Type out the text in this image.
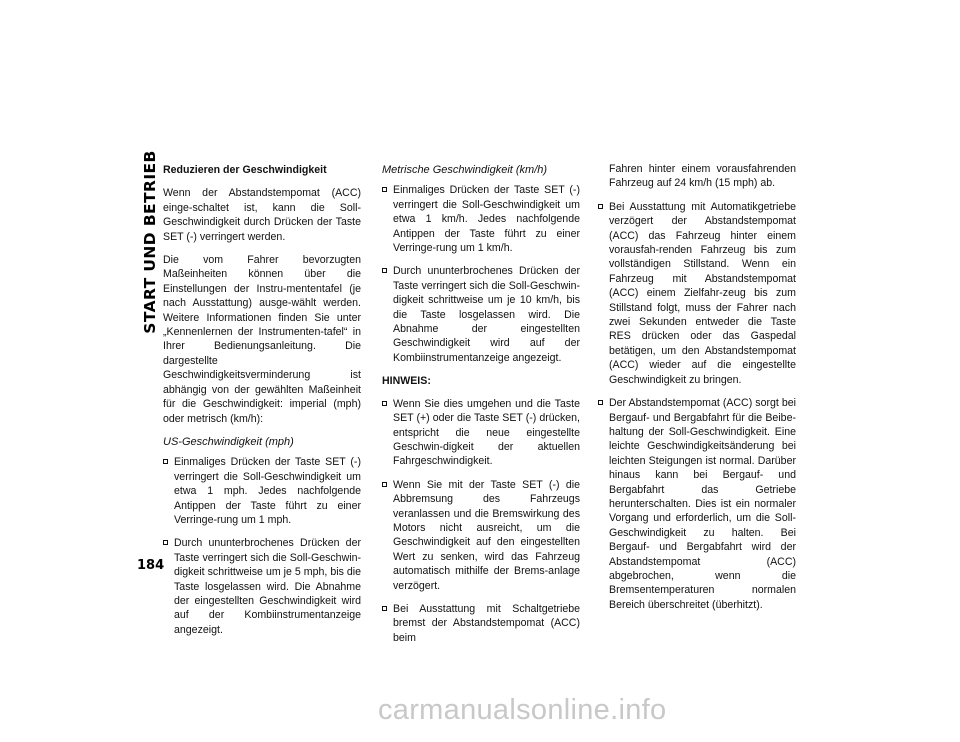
START UND BETRIEB Reduzieren der Geschwindigkeit

Wenn der Abstandstempomat (ACC) einge-schaltet ist, kann die Soll-Geschwindigkeit durch Drücken der Taste SET (-) verringert werden.

Die vom Fahrer bevorzugten Maßeinheiten können über die Einstellungen der Instru-mententafel (je nach Ausstattung) ausge-wählt werden. Weitere Informationen finden Sie unter „Kennenlernen der Instrumenten-tafel“ in Ihrer Bedienungsanleitung. Die dargestellte Geschwindigkeitsverminderung ist abhängig von der gewählten Maßeinheit für die Geschwindigkeit: imperial (mph) oder metrisch (km/h):

US-Geschwindigkeit (mph)
Einmaliges Drücken der Taste SET (-) verringert die Soll-Geschwindigkeit um etwa 1 mph. Jedes nachfolgende Antippen der Taste führt zu einer Verringe-rung um 1 mph.
Durch ununterbrochenes Drücken der Taste verringert sich die Soll-Geschwin-digkeit schrittweise um je 5 mph, bis die Taste losgelassen wird. Die Abnahme der eingestellten Geschwindigkeit wird auf der Kombiinstrumentanzeige angezeigt.
Metrische Geschwindigkeit (km/h)
Einmaliges Drücken der Taste SET (-) verringert die Soll-Geschwindigkeit um etwa 1 km/h. Jedes nachfolgende Antippen der Taste führt zu einer Verringe-rung um 1 km/h.
Durch ununterbrochenes Drücken der Taste verringert sich die Soll-Geschwin-digkeit schrittweise um je 10 km/h, bis die Taste losgelassen wird. Die Abnahme der eingestellten Geschwindigkeit wird auf der Kombiinstrumentanzeige angezeigt.
HINWEIS:
Wenn Sie dies umgehen und die Taste SET (+) oder die Taste SET (-) drücken, entspricht die neue eingestellte Geschwin-digkeit der aktuellen Fahrgeschwindigkeit.
Wenn Sie mit der Taste SET (-) die Abbremsung des Fahrzeugs veranlassen und die Bremswirkung des Motors nicht ausreicht, um die Geschwindigkeit auf den eingestellten Wert zu senken, wird das Fahrzeug automatisch mithilfe der Brems-anlage verzögert.
Bei Ausstattung mit Schaltgetriebe bremst der Abstandstempomat (ACC) beim

Fahren hinter einem vorausfahrenden Fahrzeug auf 24 km/h (15 mph) ab.

Bei Ausstattung mit Automatikgetriebe verzögert der Abstandstempomat (ACC) das Fahrzeug hinter einem vorausfah-renden Fahrzeug bis zum vollständigen Stillstand. Wenn ein Fahrzeug mit Abstandstempomat (ACC) einem Zielfahr-zeug bis zum Stillstand folgt, muss der Fahrer nach zwei Sekunden entweder die Taste RES drücken oder das Gaspedal betätigen, um den Abstandstempomat (ACC) wieder auf die eingestellte Geschwindigkeit zu bringen.
Der Abstandstempomat (ACC) sorgt bei Bergauf- und Bergabfahrt für die Beibe-haltung der Soll-Geschwindigkeit. Eine leichte Geschwindigkeitsänderung bei leichten Steigungen ist normal. Darüber hinaus kann bei Bergauf- und Bergabfahrt das Getriebe herunterschalten. Dies ist ein normaler Vorgang und erforderlich, um die Soll-Geschwindigkeit zu halten. Bei Bergauf- und Bergabfahrt wird der Abstandstempomat (ACC) abgebrochen, wenn die Bremsentemperaturen normalen Bereich überschreitet (überhitzt).
184
carmanualsonline.info
